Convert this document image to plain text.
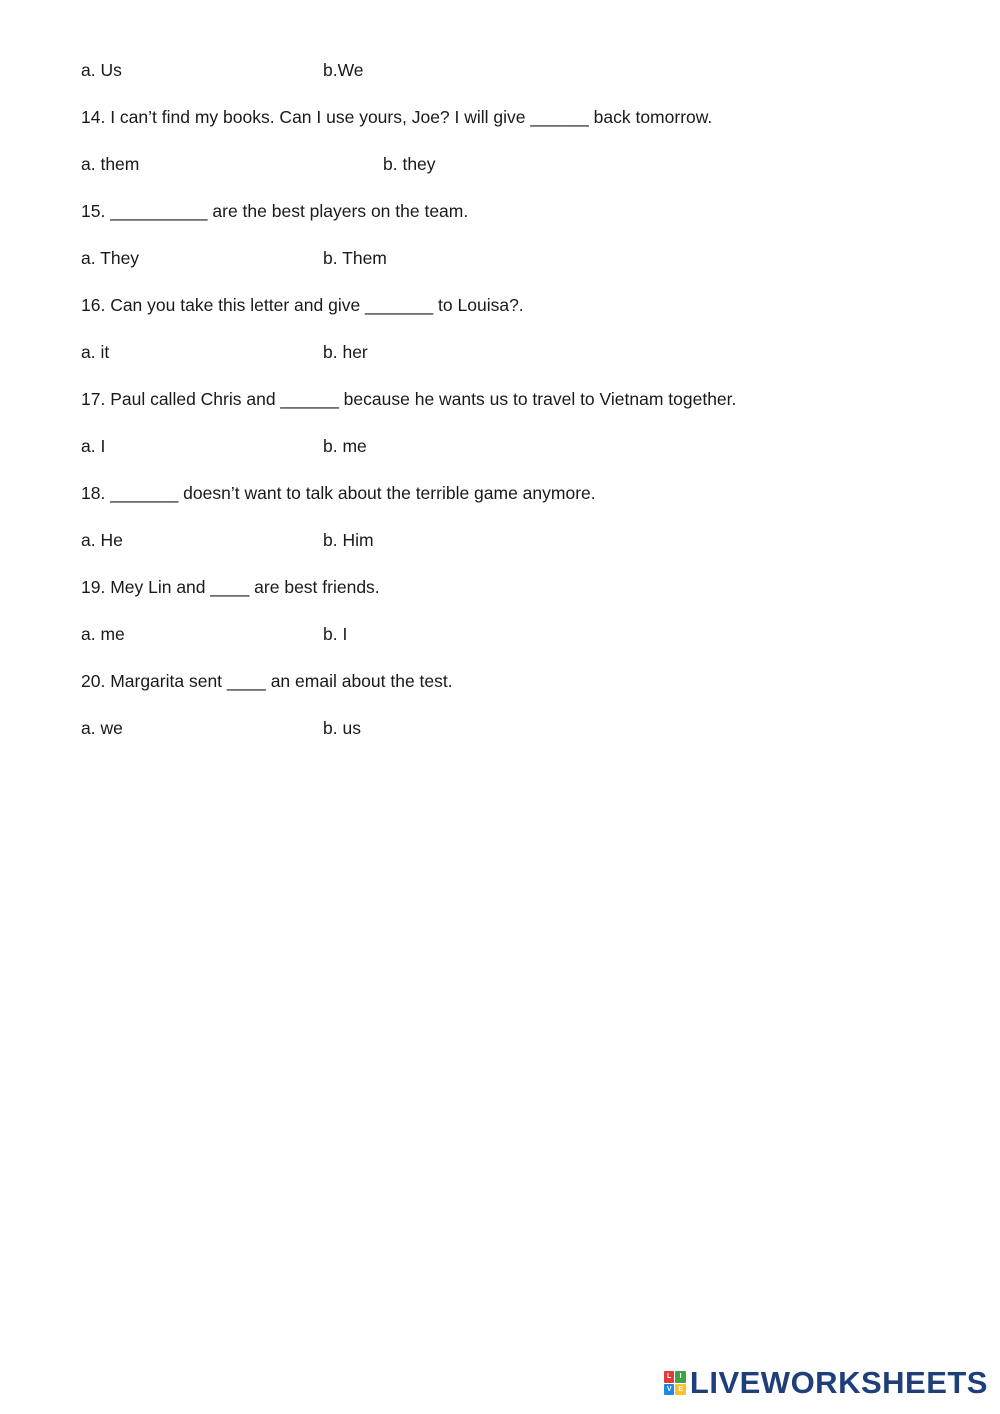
a. Us	b.We
14. I can’t find my books. Can I use yours, Joe? I will give ______ back tomorrow.
a. them	b. they
15. __________ are the best players on the team.
a. They	b. Them
16. Can you take this letter and give _______ to Louisa?.
a. it	b. her
17. Paul called Chris and ______ because he wants us to travel to Vietnam together.
a. I	b. me
18. _______ doesn’t want to talk about the terrible game anymore.
a. He	b. Him
19. Mey Lin and ____ are best friends.
a. me	b. I
20. Margarita sent ____ an email about the test.
a. we	b. us
L	I
V E LIVEWORKSHEETS
